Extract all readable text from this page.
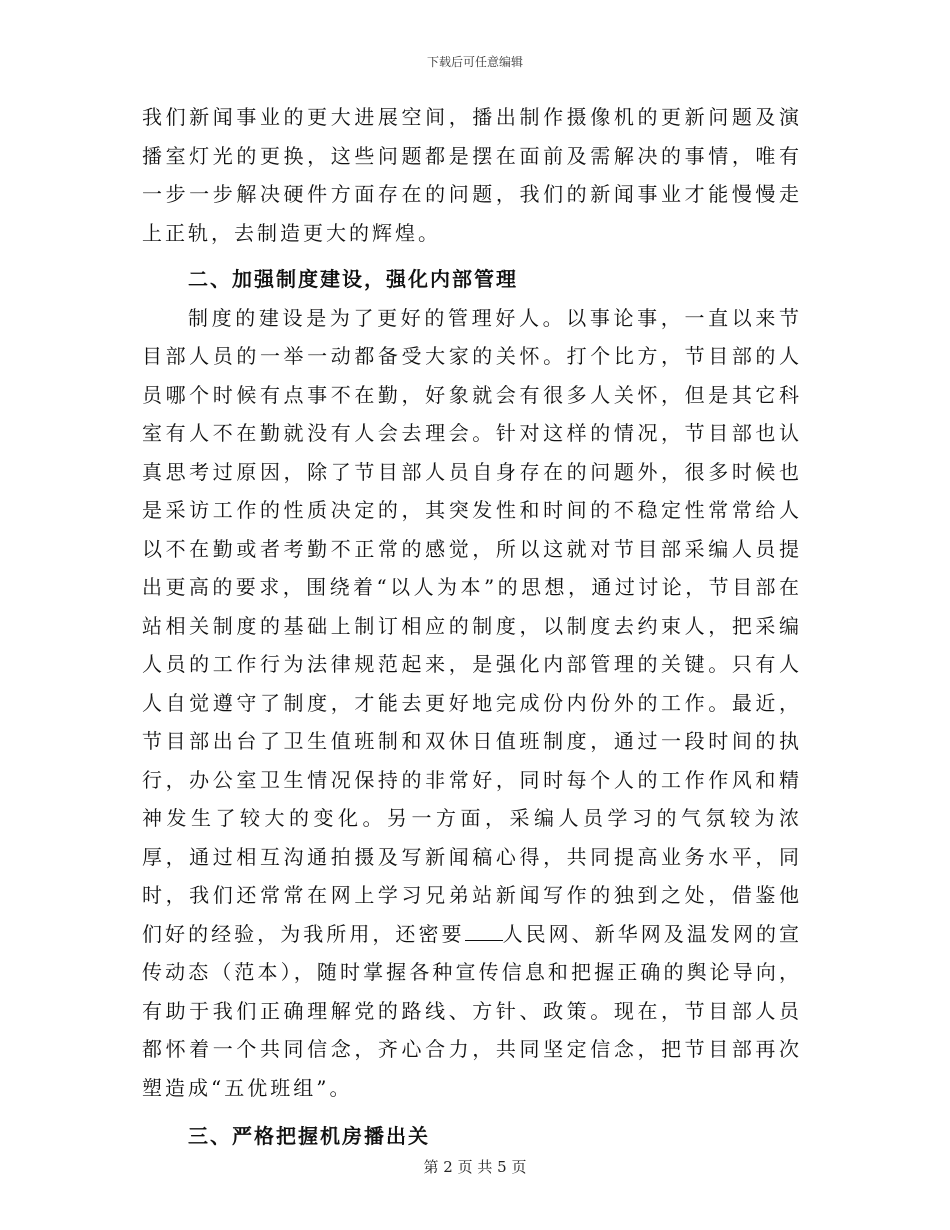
下载后可任意编辑

我们新闻事业的更大进展空间，播出制作摄像机的更新问题及演播室灯光的更换，这些问题都是摆在面前及需解决的事情，唯有一步一步解决硬件方面存在的问题，我们的新闻事业才能慢慢走上正轨，去制造更大的辉煌。

二、加强制度建设，强化内部管理

制度的建设是为了更好的管理好人。以事论事，一直以来节目部人员的一举一动都备受大家的关怀。打个比方，节目部的人员哪个时候有点事不在勤，好象就会有很多人关怀，但是其它科室有人不在勤就没有人会去理会。针对这样的情况，节目部也认真思考过原因，除了节目部人员自身存在的问题外，很多时候也是采访工作的性质决定的，其突发性和时间的不稳定性常常给人以不在勤或者考勤不正常的感觉，所以这就对节目部采编人员提出更高的要求，围绕着“以人为本”的思想，通过讨论，节目部在站相关制度的基础上制订相应的制度，以制度去约束人，把采编人员的工作行为法律规范起来，是强化内部管理的关键。只有人人自觉遵守了制度，才能去更好地完成份内份外的工作。最近，节目部出台了卫生值班制和双休日值班制度，通过一段时间的执行，办公室卫生情况保持的非常好，同时每个人的工作作风和精神发生了较大的变化。另一方面，采编人员学习的气氛较为浓厚，通过相互沟通拍摄及写新闻稿心得，共同提高业务水平，同时，我们还常常在网上学习兄弟站新闻写作的独到之处，借鉴他们好的经验，为我所用，还密要 人民网、新华网及温发网的宣传动态（范本），随时掌握各种宣传信息和把握正确的舆论导向，有助于我们正确理解党的路线、方针、政策。现在，节目部人员都怀着一个共同信念，齐心合力，共同坚定信念，把节目部再次塑造成“五优班组”。

三、严格把握机房播出关
第 2 页 共 5 页
